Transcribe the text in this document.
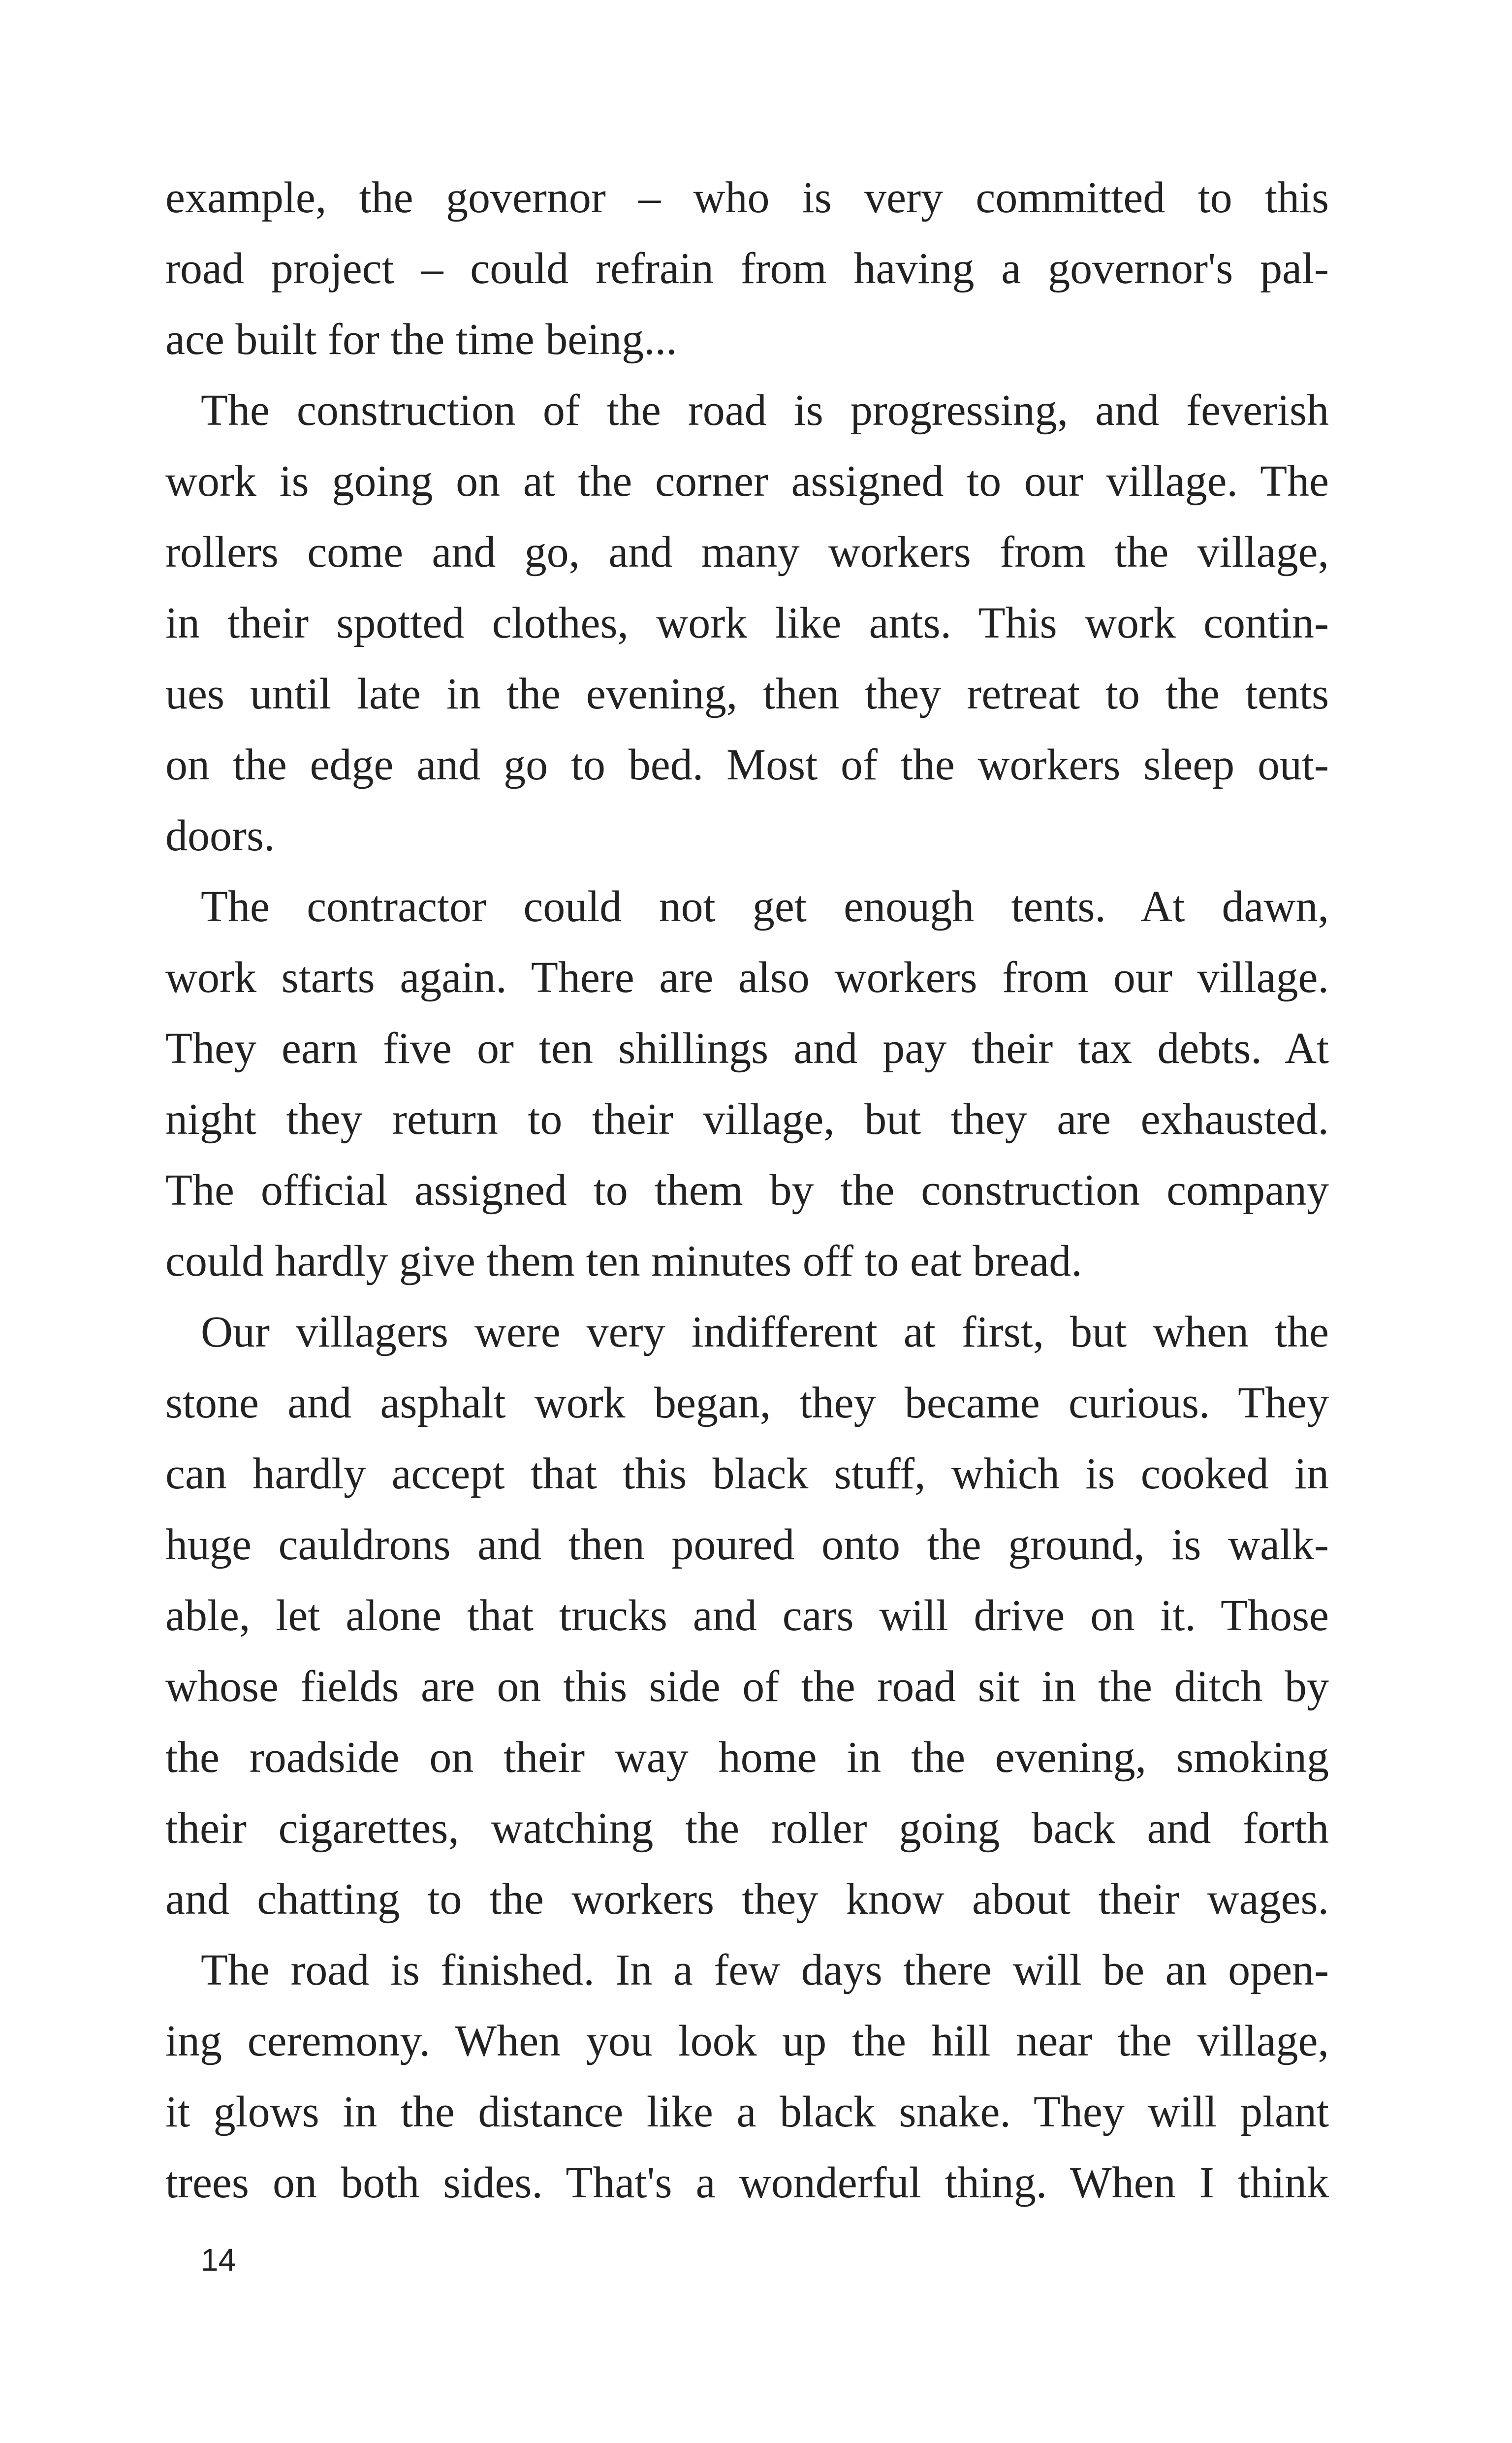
example, the governor – who is very committed to this
road project – could refrain from having a governor's pal-
ace built for the time being...
The construction of the road is progressing, and feverish
work is going on at the corner assigned to our village. The
rollers come and go, and many workers from the village,
in their spotted clothes, work like ants. This work contin-
ues until late in the evening, then they retreat to the tents
on the edge and go to bed. Most of the workers sleep out-
doors.
The contractor could not get enough tents. At dawn,
work starts again. There are also workers from our village.
They earn five or ten shillings and pay their tax debts. At
night they return to their village, but they are exhausted.
The official assigned to them by the construction company
could hardly give them ten minutes off to eat bread.
Our villagers were very indifferent at first, but when the
stone and asphalt work began, they became curious. They
can hardly accept that this black stuff, which is cooked in
huge cauldrons and then poured onto the ground, is walk-
able, let alone that trucks and cars will drive on it. Those
whose fields are on this side of the road sit in the ditch by
the roadside on their way home in the evening, smoking
their cigarettes, watching the roller going back and forth
and chatting to the workers they know about their wages.
The road is finished. In a few days there will be an open-
ing ceremony. When you look up the hill near the village,
it glows in the distance like a black snake. They will plant
trees on both sides. That's a wonderful thing. When I think
14
